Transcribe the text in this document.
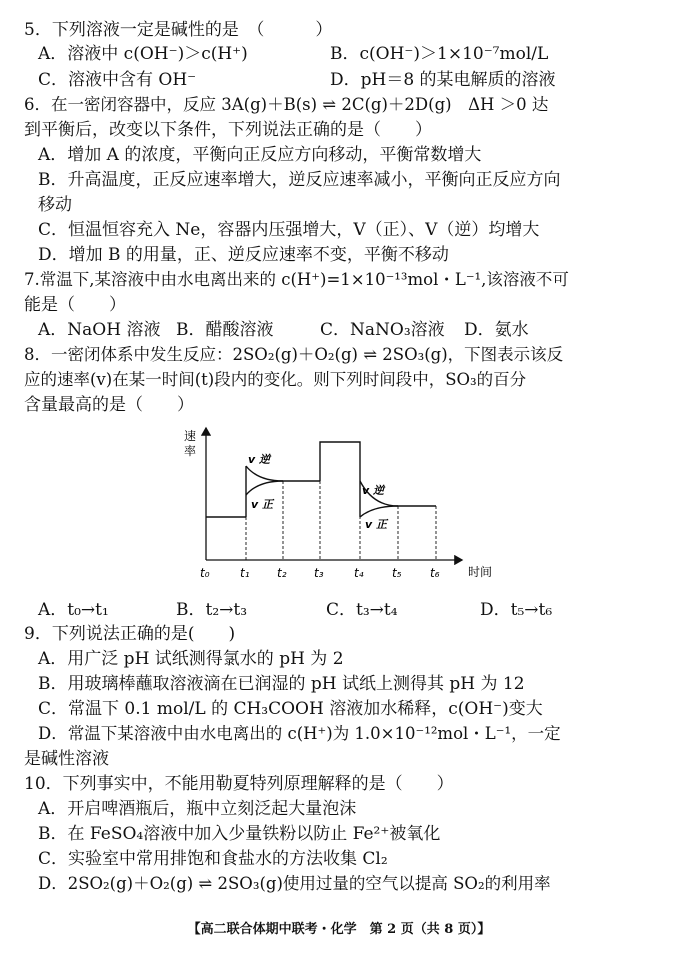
5．下列溶液一定是碱性的是　（　　　）
A．溶液中 c(OH⁻)＞c(H⁺)	B．c(OH⁻)＞1×10⁻⁷mol/L
C．溶液中含有 OH⁻	D．pH＝8 的某电解质的溶液
6．在一密闭容器中，反应 3A(g)＋B(s) ⇌ 2C(g)＋2D(g)　ΔH ＞0 达
到平衡后，改变以下条件，下列说法正确的是（　　）
A．增加 A 的浓度，平衡向正反应方向移动，平衡常数增大
B．升高温度，正反应速率增大，逆反应速率减小，平衡向正反应方向
移动
C．恒温恒容充入 Ne，容器内压强增大，V（正）、V（逆）均增大
D．增加 B 的用量，正、逆反应速率不变，平衡不移动
7.常温下,某溶液中由水电离出来的 c(H⁺)=1×10⁻¹³mol・L⁻¹,该溶液不可
能是（　　）
A．NaOH 溶液 B．醋酸溶液	C．NaNO₃溶液 D．氨水
8．一密闭体系中发生反应：2SO₂(g)＋O₂(g) ⇌ 2SO₃(g)，下图表示该反
应的速率(v)在某一时间(t)段内的变化。则下列时间段中，SO₃的百分
含量最高的是（　　）
速
率
时间
v 逆
v 正
v 逆
v 正
t₀	t₁ t₂ t₃	t₄ t₅ t₆
A．t₀→t₁	B．t₂→t₃	C．t₃→t₄	D．t₅→t₆
9．下列说法正确的是(　　)
A．用广泛 pH 试纸测得氯水的 pH 为 2
B．用玻璃棒蘸取溶液滴在已润湿的 pH 试纸上测得其 pH 为 12
C．常温下 0.1 mol/L 的 CH₃COOH 溶液加水稀释，c(OH⁻)变大
D．常温下某溶液中由水电离出的 c(H⁺)为 1.0×10⁻¹²mol・L⁻¹，一定
是碱性溶液
10．下列事实中，不能用勒夏特列原理解释的是（　　）
A．开启啤酒瓶后，瓶中立刻泛起大量泡沫
B．在 FeSO₄溶液中加入少量铁粉以防止 Fe²⁺被氧化
C．实验室中常用排饱和食盐水的方法收集 Cl₂
D．2SO₂(g)＋O₂(g) ⇌ 2SO₃(g)使用过量的空气以提高 SO₂的利用率
【高二联合体期中联考・化学　第 2 页（共 8 页）】
